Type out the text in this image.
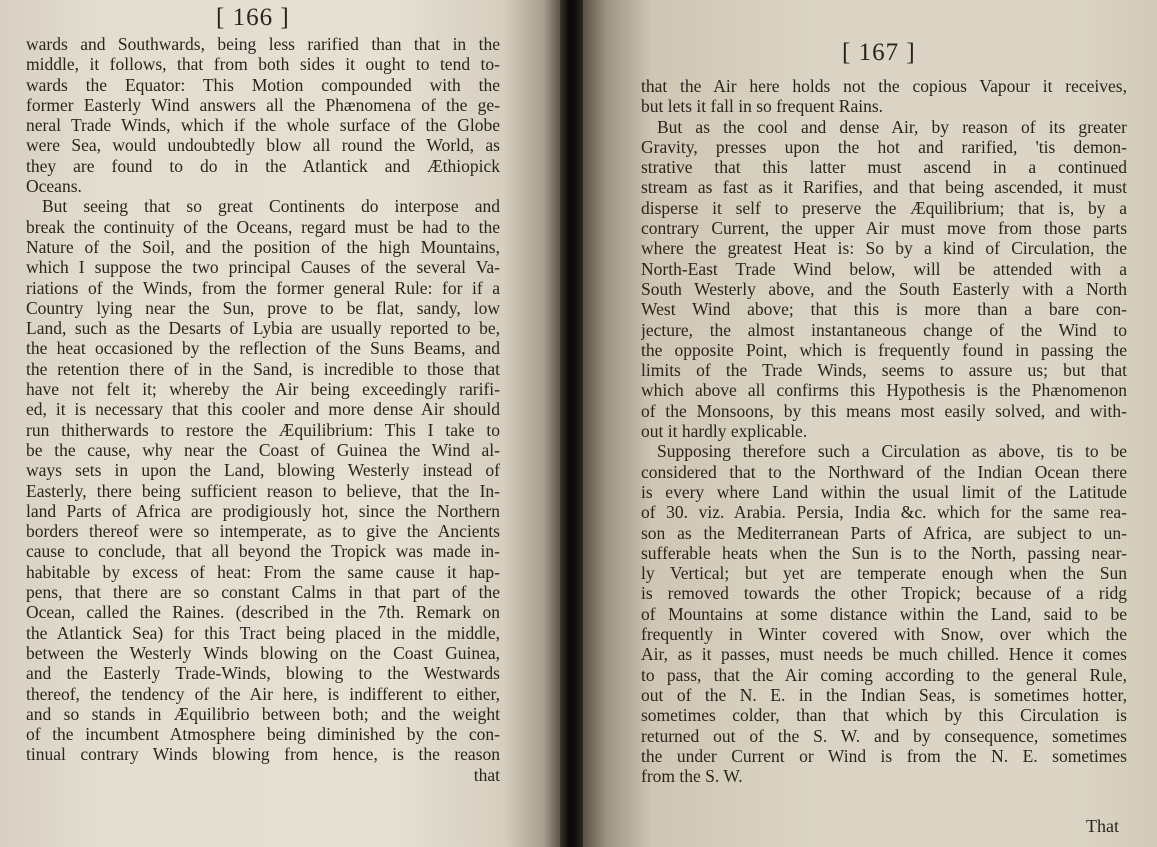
[ 166 ]
wards and Southwards, being less rarified than that in the
middle, it follows, that from both sides it ought to tend to-
wards the Equator: This Motion compounded with the
former Easterly Wind answers all the Phænomena of the ge-
neral Trade Winds, which if the whole surface of the Globe
were Sea, would undoubtedly blow all round the World, as
they are found to do in the Atlantick and Æthiopick
Oceans.
But seeing that so great Continents do interpose and
break the continuity of the Oceans, regard must be had to the
Nature of the Soil, and the position of the high Mountains,
which I suppose the two principal Causes of the several Va-
riations of the Winds, from the former general Rule: for if a
Country lying near the Sun, prove to be flat, sandy, low
Land, such as the Desarts of Lybia are usually reported to be,
the heat occasioned by the reflection of the Suns Beams, and
the retention there of in the Sand, is incredible to those that
have not felt it; whereby the Air being exceedingly rarifi-
ed, it is necessary that this cooler and more dense Air should
run thitherwards to restore the Æquilibrium: This I take to
be the cause, why near the Coast of Guinea the Wind al-
ways sets in upon the Land, blowing Westerly instead of
Easterly, there being sufficient reason to believe, that the In-
land Parts of Africa are prodigiously hot, since the Northern
borders thereof were so intemperate, as to give the Ancients
cause to conclude, that all beyond the Tropick was made in-
habitable by excess of heat: From the same cause it hap-
pens, that there are so constant Calms in that part of the
Ocean, called the Raines. (described in the 7th. Remark on
the Atlantick Sea) for this Tract being placed in the middle,
between the Westerly Winds blowing on the Coast Guinea,
and the Easterly Trade-Winds, blowing to the Westwards
thereof, the tendency of the Air here, is indifferent to either,
and so stands in Æquilibrio between both; and the weight
of the incumbent Atmosphere being diminished by the con-
tinual contrary Winds blowing from hence, is the reason
that
[ 167 ]
that the Air here holds not the copious Vapour it receives,
but lets it fall in so frequent Rains.
But as the cool and dense Air, by reason of its greater
Gravity, presses upon the hot and rarified, 'tis demon-
strative that this latter must ascend in a continued
stream as fast as it Rarifies, and that being ascended, it must
disperse it self to preserve the Æquilibrium; that is, by a
contrary Current, the upper Air must move from those parts
where the greatest Heat is: So by a kind of Circulation, the
North-East Trade Wind below, will be attended with a
South Westerly above, and the South Easterly with a North
West Wind above; that this is more than a bare con-
jecture, the almost instantaneous change of the Wind to
the opposite Point, which is frequently found in passing the
limits of the Trade Winds, seems to assure us; but that
which above all confirms this Hypothesis is the Phænomenon
of the Monsoons, by this means most easily solved, and with-
out it hardly explicable.
Supposing therefore such a Circulation as above, tis to be
considered that to the Northward of the Indian Ocean there
is every where Land within the usual limit of the Latitude
of 30. viz. Arabia. Persia, India &c. which for the same rea-
son as the Mediterranean Parts of Africa, are subject to un-
sufferable heats when the Sun is to the North, passing near-
ly Vertical; but yet are temperate enough when the Sun
is removed towards the other Tropick; because of a ridg
of Mountains at some distance within the Land, said to be
frequently in Winter covered with Snow, over which the
Air, as it passes, must needs be much chilled. Hence it comes
to pass, that the Air coming according to the general Rule,
out of the N. E. in the Indian Seas, is sometimes hotter,
sometimes colder, than that which by this Circulation is
returned out of the S. W. and by consequence, sometimes
the under Current or Wind is from the N. E. sometimes
from the S. W.
That
